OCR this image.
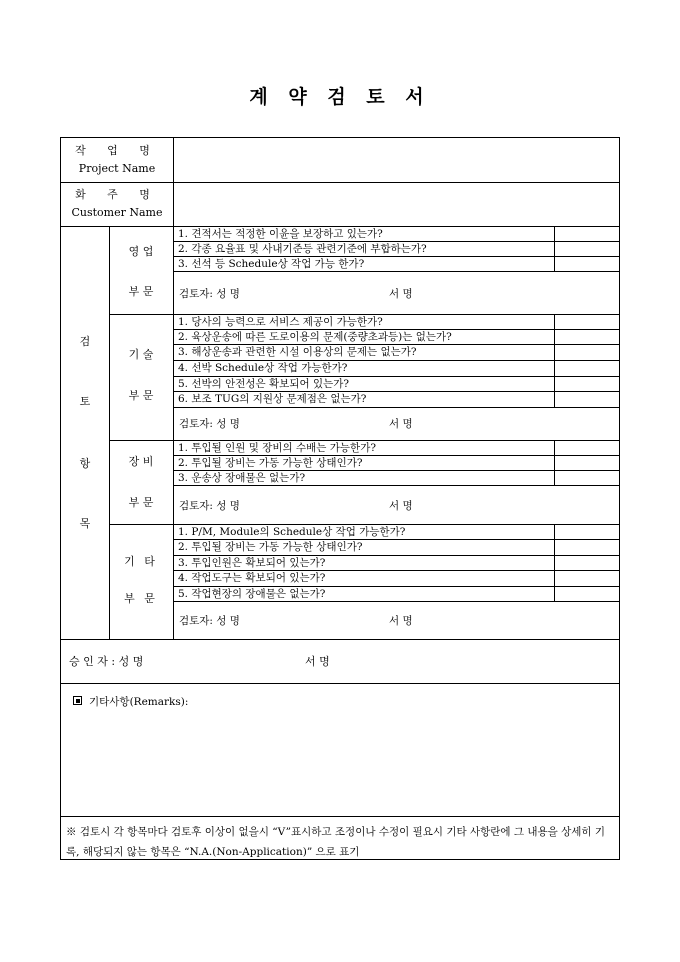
계 약 검 토 서
작 업 명
Project Name
화 주 명
Customer Name
검
토
항
목
영 업
부 문
1. 견적서는 적정한 이윤을 보장하고 있는가?
2. 각종 요율표 및 사내기준등 관련기준에 부합하는가?
3. 선석 등 Schedule상 작업 가능 한가?
검토자: 성 명	서 명
기 술
부 문
1. 당사의 능력으로 서비스 제공이 가능한가?
2. 육상운송에 따른 도로이용의 문제(중량초과등)는 없는가?
3. 해상운송과 관련한 시설 이용상의 문제는 없는가?
4. 선박 Schedule상 작업 가능한가?
5. 선박의 안전성은 확보되어 있는가?
6. 보조 TUG의 지원상 문제점은 없는가?
검토자: 성 명	서 명
장 비
부 문
1. 투입될 인원 및 장비의 수배는 가능한가?
2. 투입될 장비는 가동 가능한 상태인가?
3. 운송상 장애물은 없는가?
검토자: 성 명	서 명
기 타
부 문
1. P/M, Module의 Schedule상 작업 가능한가?
2. 투입될 장비는 가동 가능한 상태인가?
3. 투입인원은 확보되어 있는가?
4. 작업도구는 확보되어 있는가?
5. 작업현장의 장애물은 없는가?
검토자: 성 명	서 명
승 인 자 : 성 명	서 명
기타사항(Remarks):
※ 검토시 각 항목마다 검토후 이상이 없을시 “V”표시하고 조정이나 수정이 필요시 기타 사항란에 그 내용을 상세히 기록, 해당되지 않는 항목은 “N.A.(Non-Application)” 으로 표기
